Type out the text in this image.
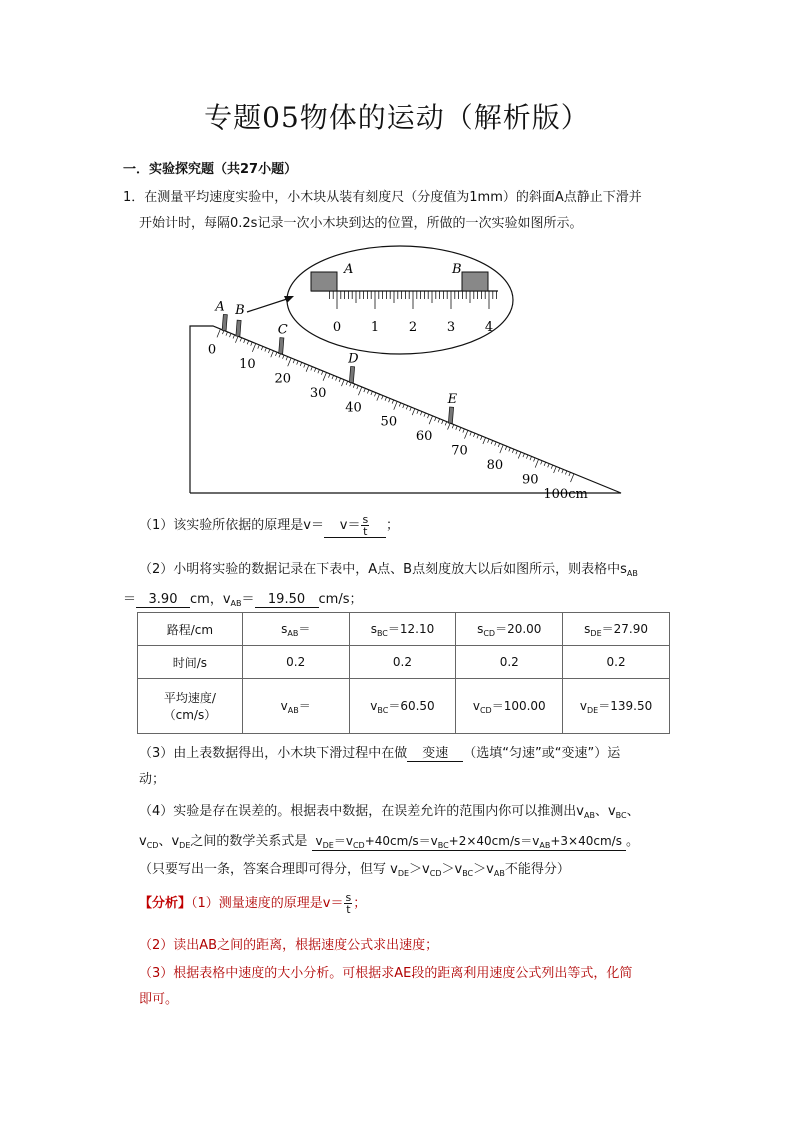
专题05物体的运动（解析版）
一．实验探究题（共27小题）
1．在测量平均速度实验中，小木块从装有刻度尺（分度值为1mm）的斜面A点静止下滑并
开始计时，每隔0.2s记录一次小木块到达的位置，所做的一次实验如图所示。
A	B
0 1 2 3 4
0
10
20
30
40
50
60
70
80
90
100cm
A B
C
D
E
（1）该实验所依据的原理是$v= v= \frac{s}{t}$ ；
（2）小明将实验的数据记录在下表中，A点、B点刻度放大以后如图所示，则表格中$s_{AB}$
＝ 3.90 cm，$v_{AB}= 19.50$ cm/s；
路程/cm	$s_{AB}=$	$s_{BC}=12.10$	$s_{CD}=20.00$	$s_{DE}=27.90$
时间/s	0.2	0.2	0.2	0.2
平均速度/
（cm/s）	$v_{AB}=$	$v_{BC}=60.50$	$v_{CD}=100.00$	$v_{DE}=139.50$
（3）由上表数据得出，小木块下滑过程中在做 变速 （选填“匀速”或“变速”）运
动；
（4）实验是存在误差的。根据表中数据，在误差允许的范围内你可以推测出$v_{AB}$、$v_{BC}$、
$v_{CD}$、$v_{DE}$之间的数学关系式是 $v_{DE}=v_{CD}+40cm/s=v_{BC}+2\times 40cm/s=v_{AB}+3\times 40cm/s$ 。
（只要写出一条，答案合理即可得分，但写 $v_{DE}>v_{CD}>v_{BC}>v_{AB}$不能得分）
【分析】（1）测量速度的原理是$v= \frac{s}{t}$ ；
（2）读出AB之间的距离，根据速度公式求出速度；
（3）根据表格中速度的大小分析。可根据求AE段的距离利用速度公式列出等式，化简
即可。
